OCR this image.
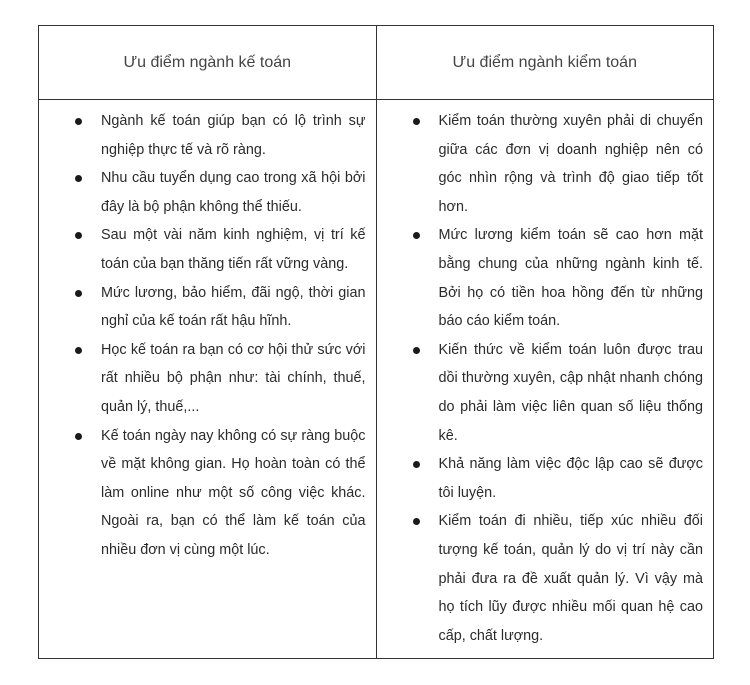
Ưu điểm ngành kế toán	Ưu điểm ngành kiểm toán
Ngành kế toán giúp bạn có lộ trình sự nghiệp thực tế và rõ ràng.
Nhu cầu tuyển dụng cao trong xã hội bởi đây là bộ phận không thể thiếu.
Sau một vài năm kinh nghiệm, vị trí kế toán của bạn thăng tiến rất vững vàng.
Mức lương, bảo hiểm, đãi ngộ, thời gian nghỉ của kế toán rất hậu hĩnh.
Học kế toán ra bạn có cơ hội thử sức với rất nhiều bộ phận như: tài chính, thuế, quản lý, thuế,...
Kế toán ngày nay không có sự ràng buộc về mặt không gian. Họ hoàn toàn có thể làm online như một số công việc khác. Ngoài ra, bạn có thể làm kế toán của nhiều đơn vị cùng một lúc.
Kiểm toán thường xuyên phải di chuyển giữa các đơn vị doanh nghiệp nên có góc nhìn rộng và trình độ giao tiếp tốt hơn.
Mức lương kiểm toán sẽ cao hơn mặt bằng chung của những ngành kinh tế. Bởi họ có tiền hoa hồng đến từ những báo cáo kiểm toán.
Kiến thức về kiểm toán luôn được trau dồi thường xuyên, cập nhật nhanh chóng do phải làm việc liên quan số liệu thống kê.
Khả năng làm việc độc lập cao sẽ được tôi luyện.
Kiểm toán đi nhiều, tiếp xúc nhiều đối tượng kế toán, quản lý do vị trí này cần phải đưa ra đề xuất quản lý. Vì vậy mà họ tích lũy được nhiều mối quan hệ cao cấp, chất lượng.
